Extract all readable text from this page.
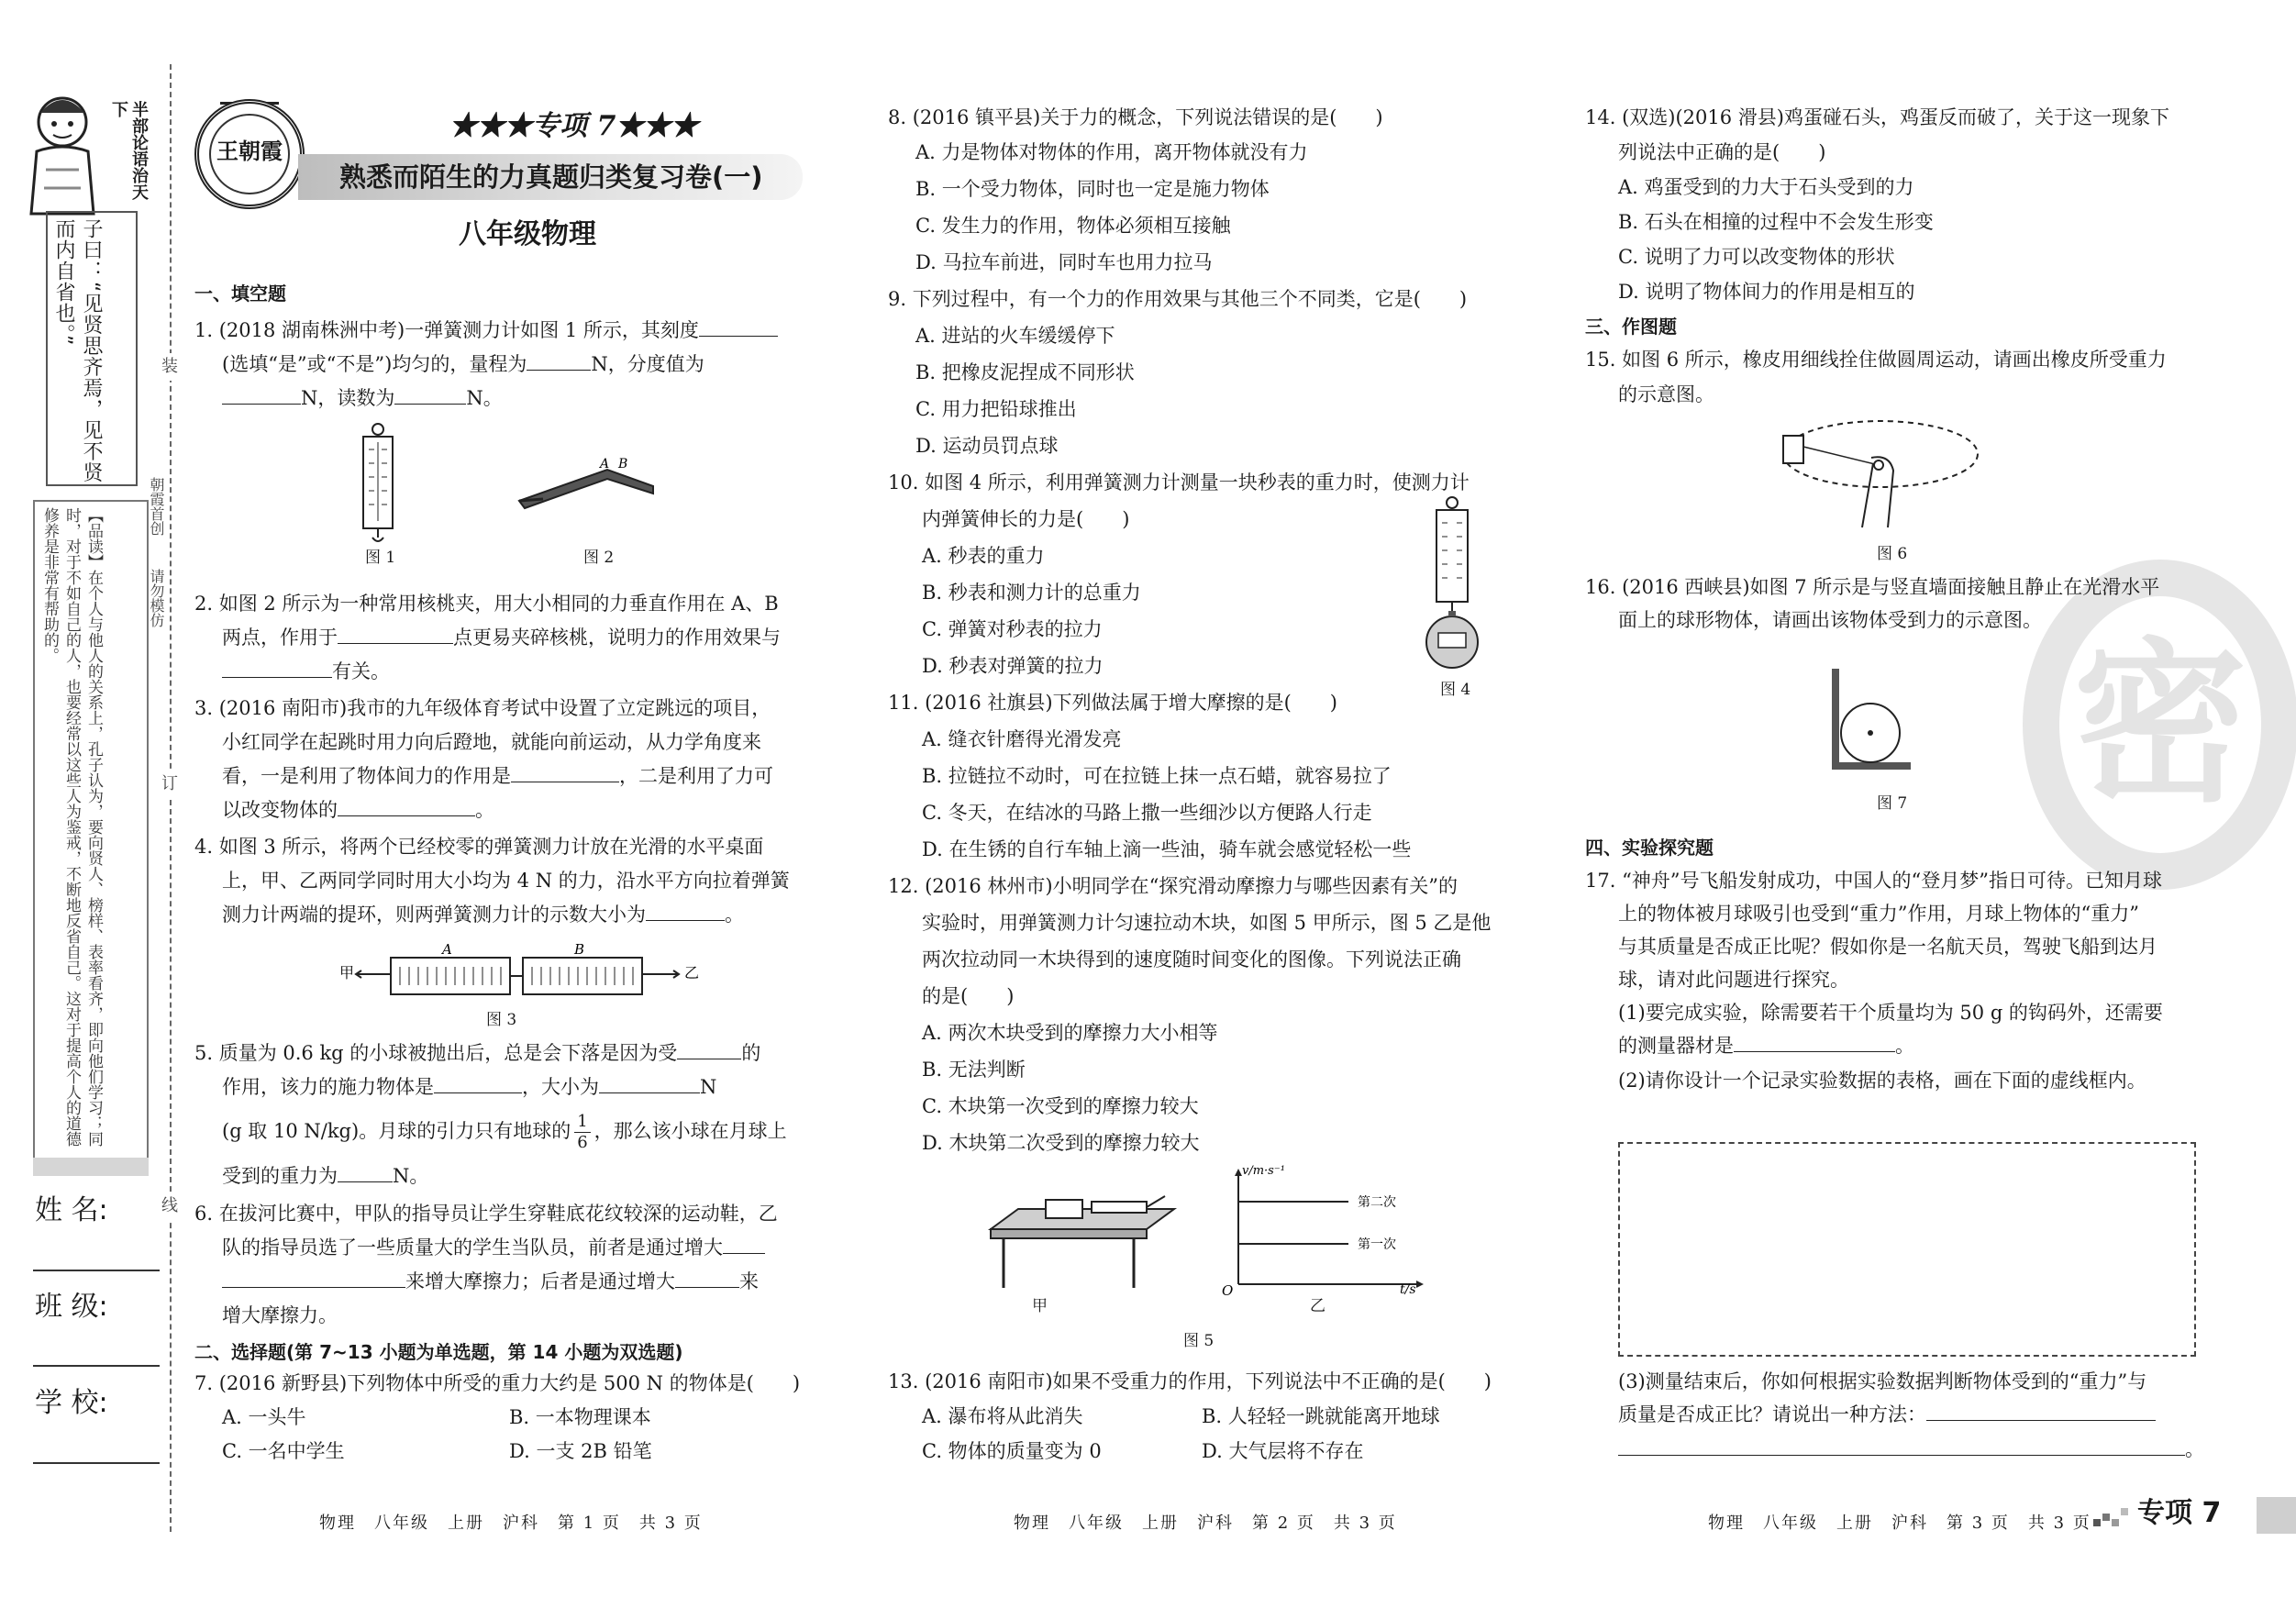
半部论语治天下
子曰：“见贤思齐焉，见不贤而内自省也。”
【品读】在个人与他人的关系上，孔子认为，要向贤人、榜样、表率看齐，即向他们学习；同时，对于不如自己的人，也要经常以这些人为鉴戒，不断地反省自己。这对于提高个人的道德修养是非常有帮助的。
姓 名:
班 级:
学 校:
装
订
线
朝霞首创
请勿模仿
王朝霞
★★★专项 7★★★
熟悉而陌生的力真题归类复习卷(一)
八年级物理
一、填空题
1. (2018 湖南株洲中考)一弹簧测力计如图 1 所示，其刻度
(选填“是”或“不是”)均匀的，量程为	N，分度值为
N，读数为	N。
图 1
A B
图 2
2. 如图 2 所示为一种常用核桃夹，用大小相同的力垂直作用在 A、B
两点，作用于	点更易夹碎核桃，说明力的作用效果与
有关。
3. (2016 南阳市)我市的九年级体育考试中设置了立定跳远的项目，
小红同学在起跳时用力向后蹬地，就能向前运动，从力学角度来
看，一是利用了物体间力的作用是	，二是利用了力可
以改变物体的	。
4. 如图 3 所示，将两个已经校零的弹簧测力计放在光滑的水平桌面
上，甲、乙两同学同时用大小均为 4 N 的力，沿水平方向拉着弹簧
测力计两端的提环，则两弹簧测力计的示数大小为	。
甲
A	B
乙
图 3
5. 质量为 0.6 kg 的小球被抛出后，总是会下落是因为受	的
作用，该力的施力物体是	，大小为	N
(g 取 10 N/kg)。月球的引力只有地球的 $\frac{1}{6}$ ，那么该小球在月球上
受到的重力为	N。
6. 在拔河比赛中，甲队的指导员让学生穿鞋底花纹较深的运动鞋，乙
队的指导员选了一些质量大的学生当队员，前者是通过增大
来增大摩擦力；后者是通过增大	来
增大摩擦力。
二、选择题(第 7~13 小题为单选题，第 14 小题为双选题)
7. (2016 新野县)下列物体中所受的重力大约是 500 N 的物体是(　　)
A. 一头牛	B. 一本物理课本
C. 一名中学生	D. 一支 2B 铅笔
物理　八年级　上册　沪科　第 1 页　共 3 页
8. (2016 镇平县)关于力的概念，下列说法错误的是(　　)
A. 力是物体对物体的作用，离开物体就没有力
B. 一个受力物体，同时也一定是施力物体
C. 发生力的作用，物体必须相互接触
D. 马拉车前进，同时车也用力拉马
9. 下列过程中，有一个力的作用效果与其他三个不同类，它是(　　)
A. 进站的火车缓缓停下
B. 把橡皮泥捏成不同形状
C. 用力把铅球推出
D. 运动员罚点球
10. 如图 4 所示，利用弹簧测力计测量一块秒表的重力时，使测力计
内弹簧伸长的力是(　　)
A. 秒表的重力
B. 秒表和测力计的总重力
C. 弹簧对秒表的拉力
D. 秒表对弹簧的拉力
图 4
11. (2016 社旗县)下列做法属于增大摩擦的是(　　)
A. 缝衣针磨得光滑发亮
B. 拉链拉不动时，可在拉链上抹一点石蜡，就容易拉了
C. 冬天，在结冰的马路上撒一些细沙以方便路人行走
D. 在生锈的自行车轴上滴一些油，骑车就会感觉轻松一些
12. (2016 林州市)小明同学在“探究滑动摩擦力与哪些因素有关”的
实验时，用弹簧测力计匀速拉动木块，如图 5 甲所示，图 5 乙是他
两次拉动同一木块得到的速度随时间变化的图像。下列说法正确
的是(　　)
A. 两次木块受到的摩擦力大小相等
B. 无法判断
C. 木块第一次受到的摩擦力较大
D. 木块第二次受到的摩擦力较大
甲
v/m·s⁻¹
t/s
O
第二次
第一次
乙
图 5
13. (2016 南阳市)如果不受重力的作用，下列说法中不正确的是(　　)
A. 瀑布将从此消失	B. 人轻轻一跳就能离开地球
C. 物体的质量变为 0	D. 大气层将不存在
物理　八年级　上册　沪科　第 2 页　共 3 页
密
14. (双选)(2016 滑县)鸡蛋碰石头，鸡蛋反而破了，关于这一现象下
列说法中正确的是(　　)
A. 鸡蛋受到的力大于石头受到的力
B. 石头在相撞的过程中不会发生形变
C. 说明了力可以改变物体的形状
D. 说明了物体间力的作用是相互的
三、作图题
15. 如图 6 所示，橡皮用细线拴住做圆周运动，请画出橡皮所受重力
的示意图。
图 6
16. (2016 西峡县)如图 7 所示是与竖直墙面接触且静止在光滑水平
面上的球形物体，请画出该物体受到力的示意图。
图 7
四、实验探究题
17. “神舟”号飞船发射成功，中国人的“登月梦”指日可待。已知月球
上的物体被月球吸引也受到“重力”作用，月球上物体的“重力”
与其质量是否成正比呢？假如你是一名航天员，驾驶飞船到达月
球，请对此问题进行探究。
(1)要完成实验，除需要若干个质量均为 50 g 的钩码外，还需要
的测量器材是	。
(2)请你设计一个记录实验数据的表格，画在下面的虚线框内。
(3)测量结束后，你如何根据实验数据判断物体受到的“重力”与
质量是否成正比？请说出一种方法：
。
物理　八年级　上册　沪科　第 3 页　共 3 页 专项 7
